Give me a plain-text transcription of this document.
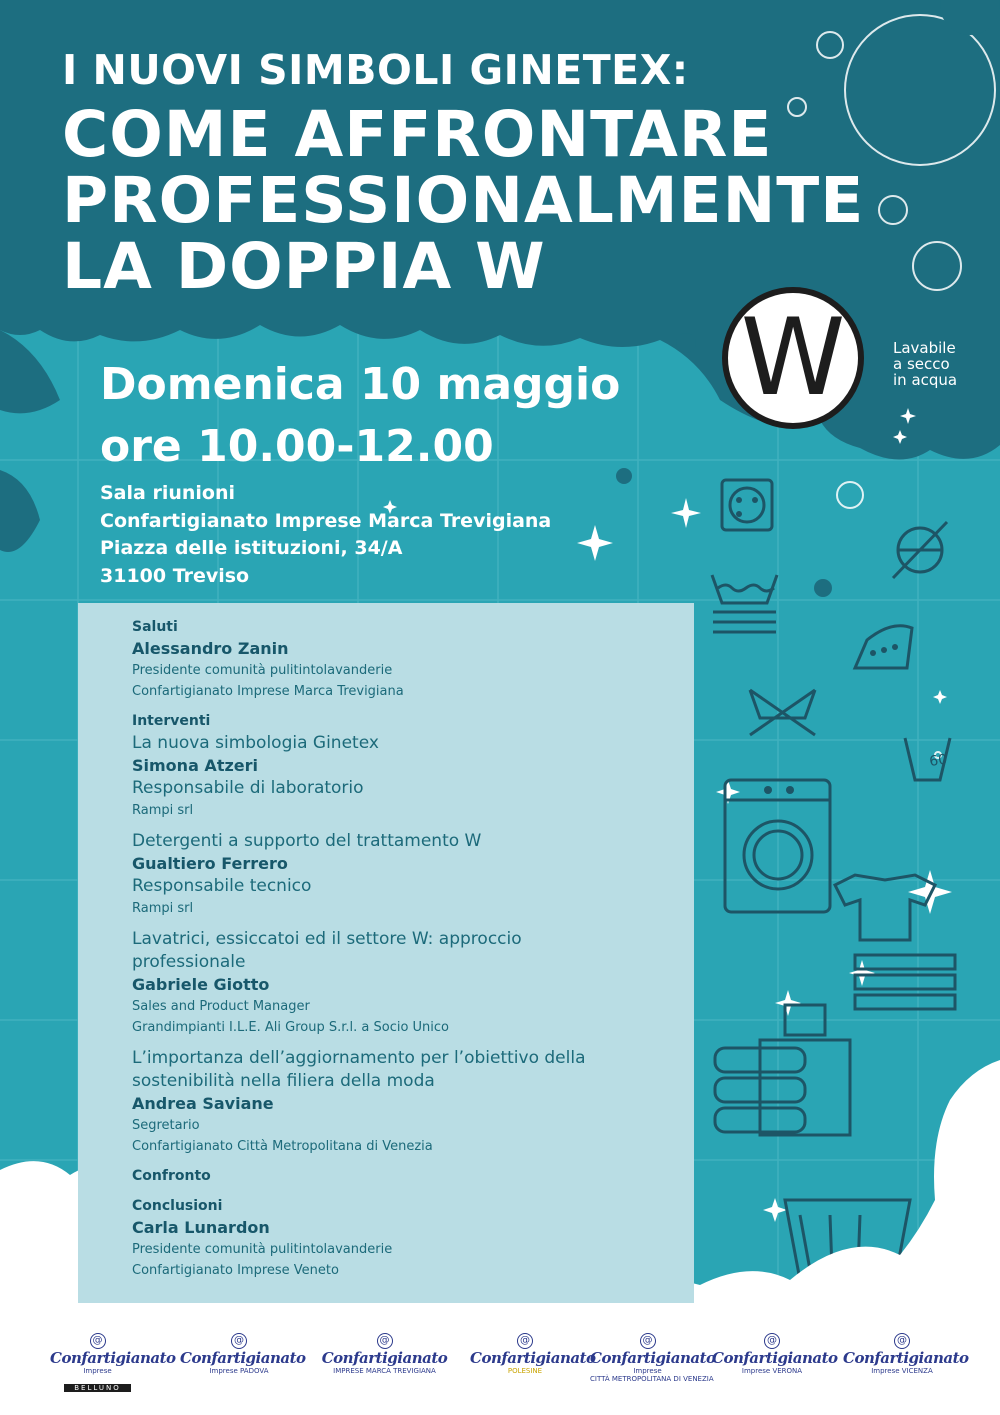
60
I NUOVI SIMBOLI GINETEX:
COME AFFRONTARE
PROFESSIONALMENTE
LA DOPPIA W
W	Lavabile
a secco
in acqua
Domenica 10 maggio
ore 10.00-12.00
Sala riunioni
Confartigianato Imprese Marca Trevigiana
Piazza delle istituzioni, 34/A
31100 Treviso
Saluti
Alessandro Zanin
Presidente comunità pulitintolavanderie
Confartigianato Imprese Marca Trevigiana
Interventi
La nuova simbologia Ginetex
Simona Atzeri
Responsabile di laboratorio
Rampi srl
Detergenti a supporto del trattamento W
Gualtiero Ferrero
Responsabile tecnico
Rampi srl
Lavatrici, essiccatoi ed il settore W: approccio
professionale
Gabriele Giotto
Sales and Product Manager
Grandimpianti I.L.E. Ali Group S.r.l. a Socio Unico
L’importanza dell’aggiornamento per l’obiettivo della
sostenibilità nella filiera della moda
Andrea Saviane
Segretario
Confartigianato Città Metropolitana di Venezia
Confronto
Conclusioni
Carla Lunardon
Presidente comunità pulitintolavanderie
Confartigianato Imprese Veneto
@
Confartigianato
Imprese
BELLUNO
@
Confartigianato
Imprese PADOVA
@
Confartigianato
IMPRESE MARCA TREVIGIANA
@
Confartigianato
POLESINE
@
Confartigianato
Imprese
CITTÀ METROPOLITANA DI VENEZIA
@
Confartigianato
Imprese VERONA
@
Confartigianato
Imprese VICENZA
